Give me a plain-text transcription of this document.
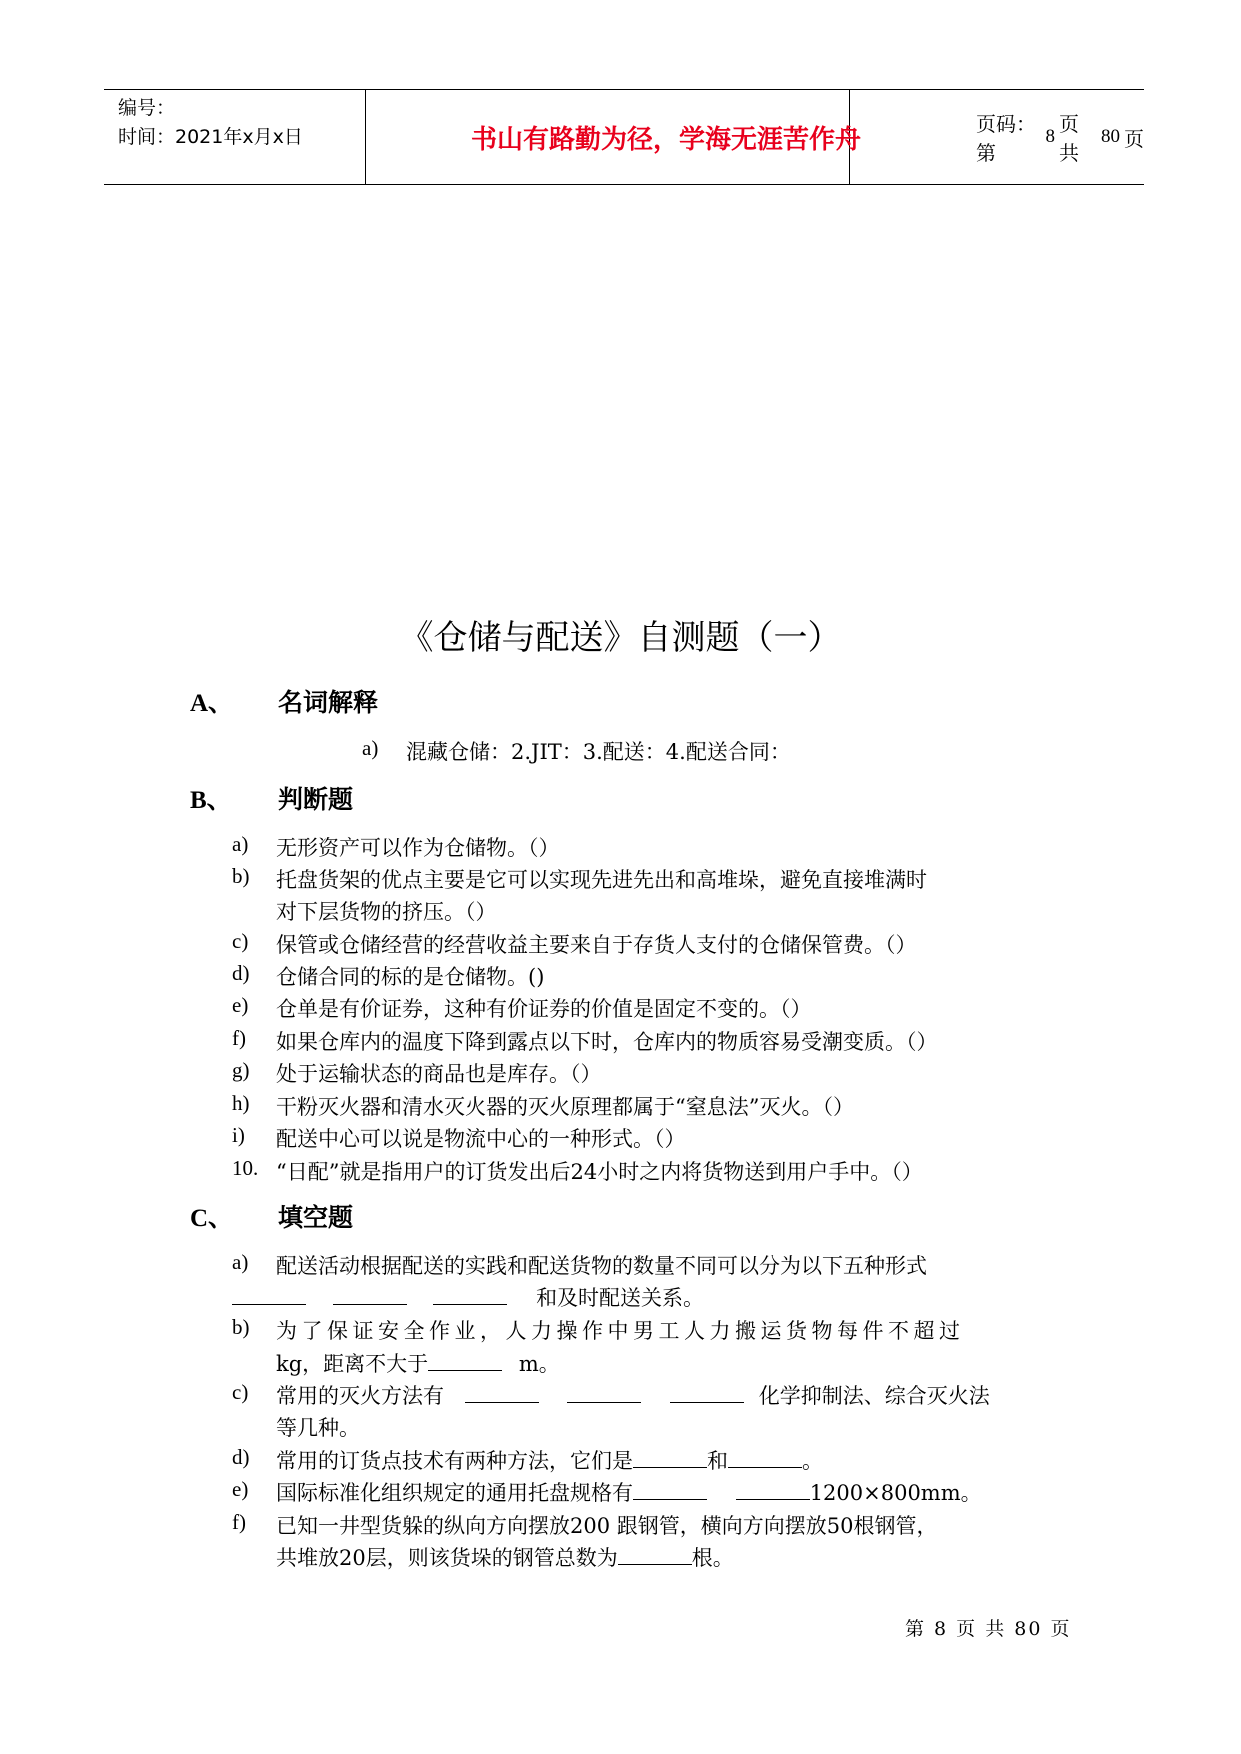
编号：
时间：2021年x月x日	书山有路勤为径，学海无涯苦作舟
页码：第
8
页 共
80 页
《仓储与配送》自测题（一）
A、 名词解释
a) 混藏仓储：2.JIT：3.配送：4.配送合同：
B、 判断题
a) 无形资产可以作为仓储物。（）
b) 托盘货架的优点主要是它可以实现先进先出和高堆垛，避免直接堆满时
对下层货物的挤压。（）
c) 保管或仓储经营的经营收益主要来自于存货人支付的仓储保管费。（）
d) 仓储合同的标的是仓储物。()
e) 仓单是有价证券，这种有价证券的价值是固定不变的。（）
f) 如果仓库内的温度下降到露点以下时，仓库内的物质容易受潮变质。（）
g) 处于运输状态的商品也是库存。（）
h) 干粉灭火器和清水灭火器的灭火原理都属于“窒息法”灭火。（）
i) 配送中心可以说是物流中心的一种形式。（）
10. “日配”就是指用户的订货发出后24小时之内将货物送到用户手中。（）
C、 填空题
a) 配送活动根据配送的实践和配送货物的数量不同可以分为以下五种形式
和及时配送关系。
b) 为了保证安全作业，人力操作中男工人力搬运货物每件不超过
kg，距离不大于	m。
c) 常用的灭火方法有	化学抑制法、综合灭火法
等几种。
d) 常用的订货点技术有两种方法，它们是	和	。
e) 国际标准化组织规定的通用托盘规格有	1200×800mm。
f) 已知一井型货躲的纵向方向摆放200 跟钢管，横向方向摆放50根钢管，
共堆放20层，则该货垛的钢管总数为	根。
第 8 页 共 80 页
